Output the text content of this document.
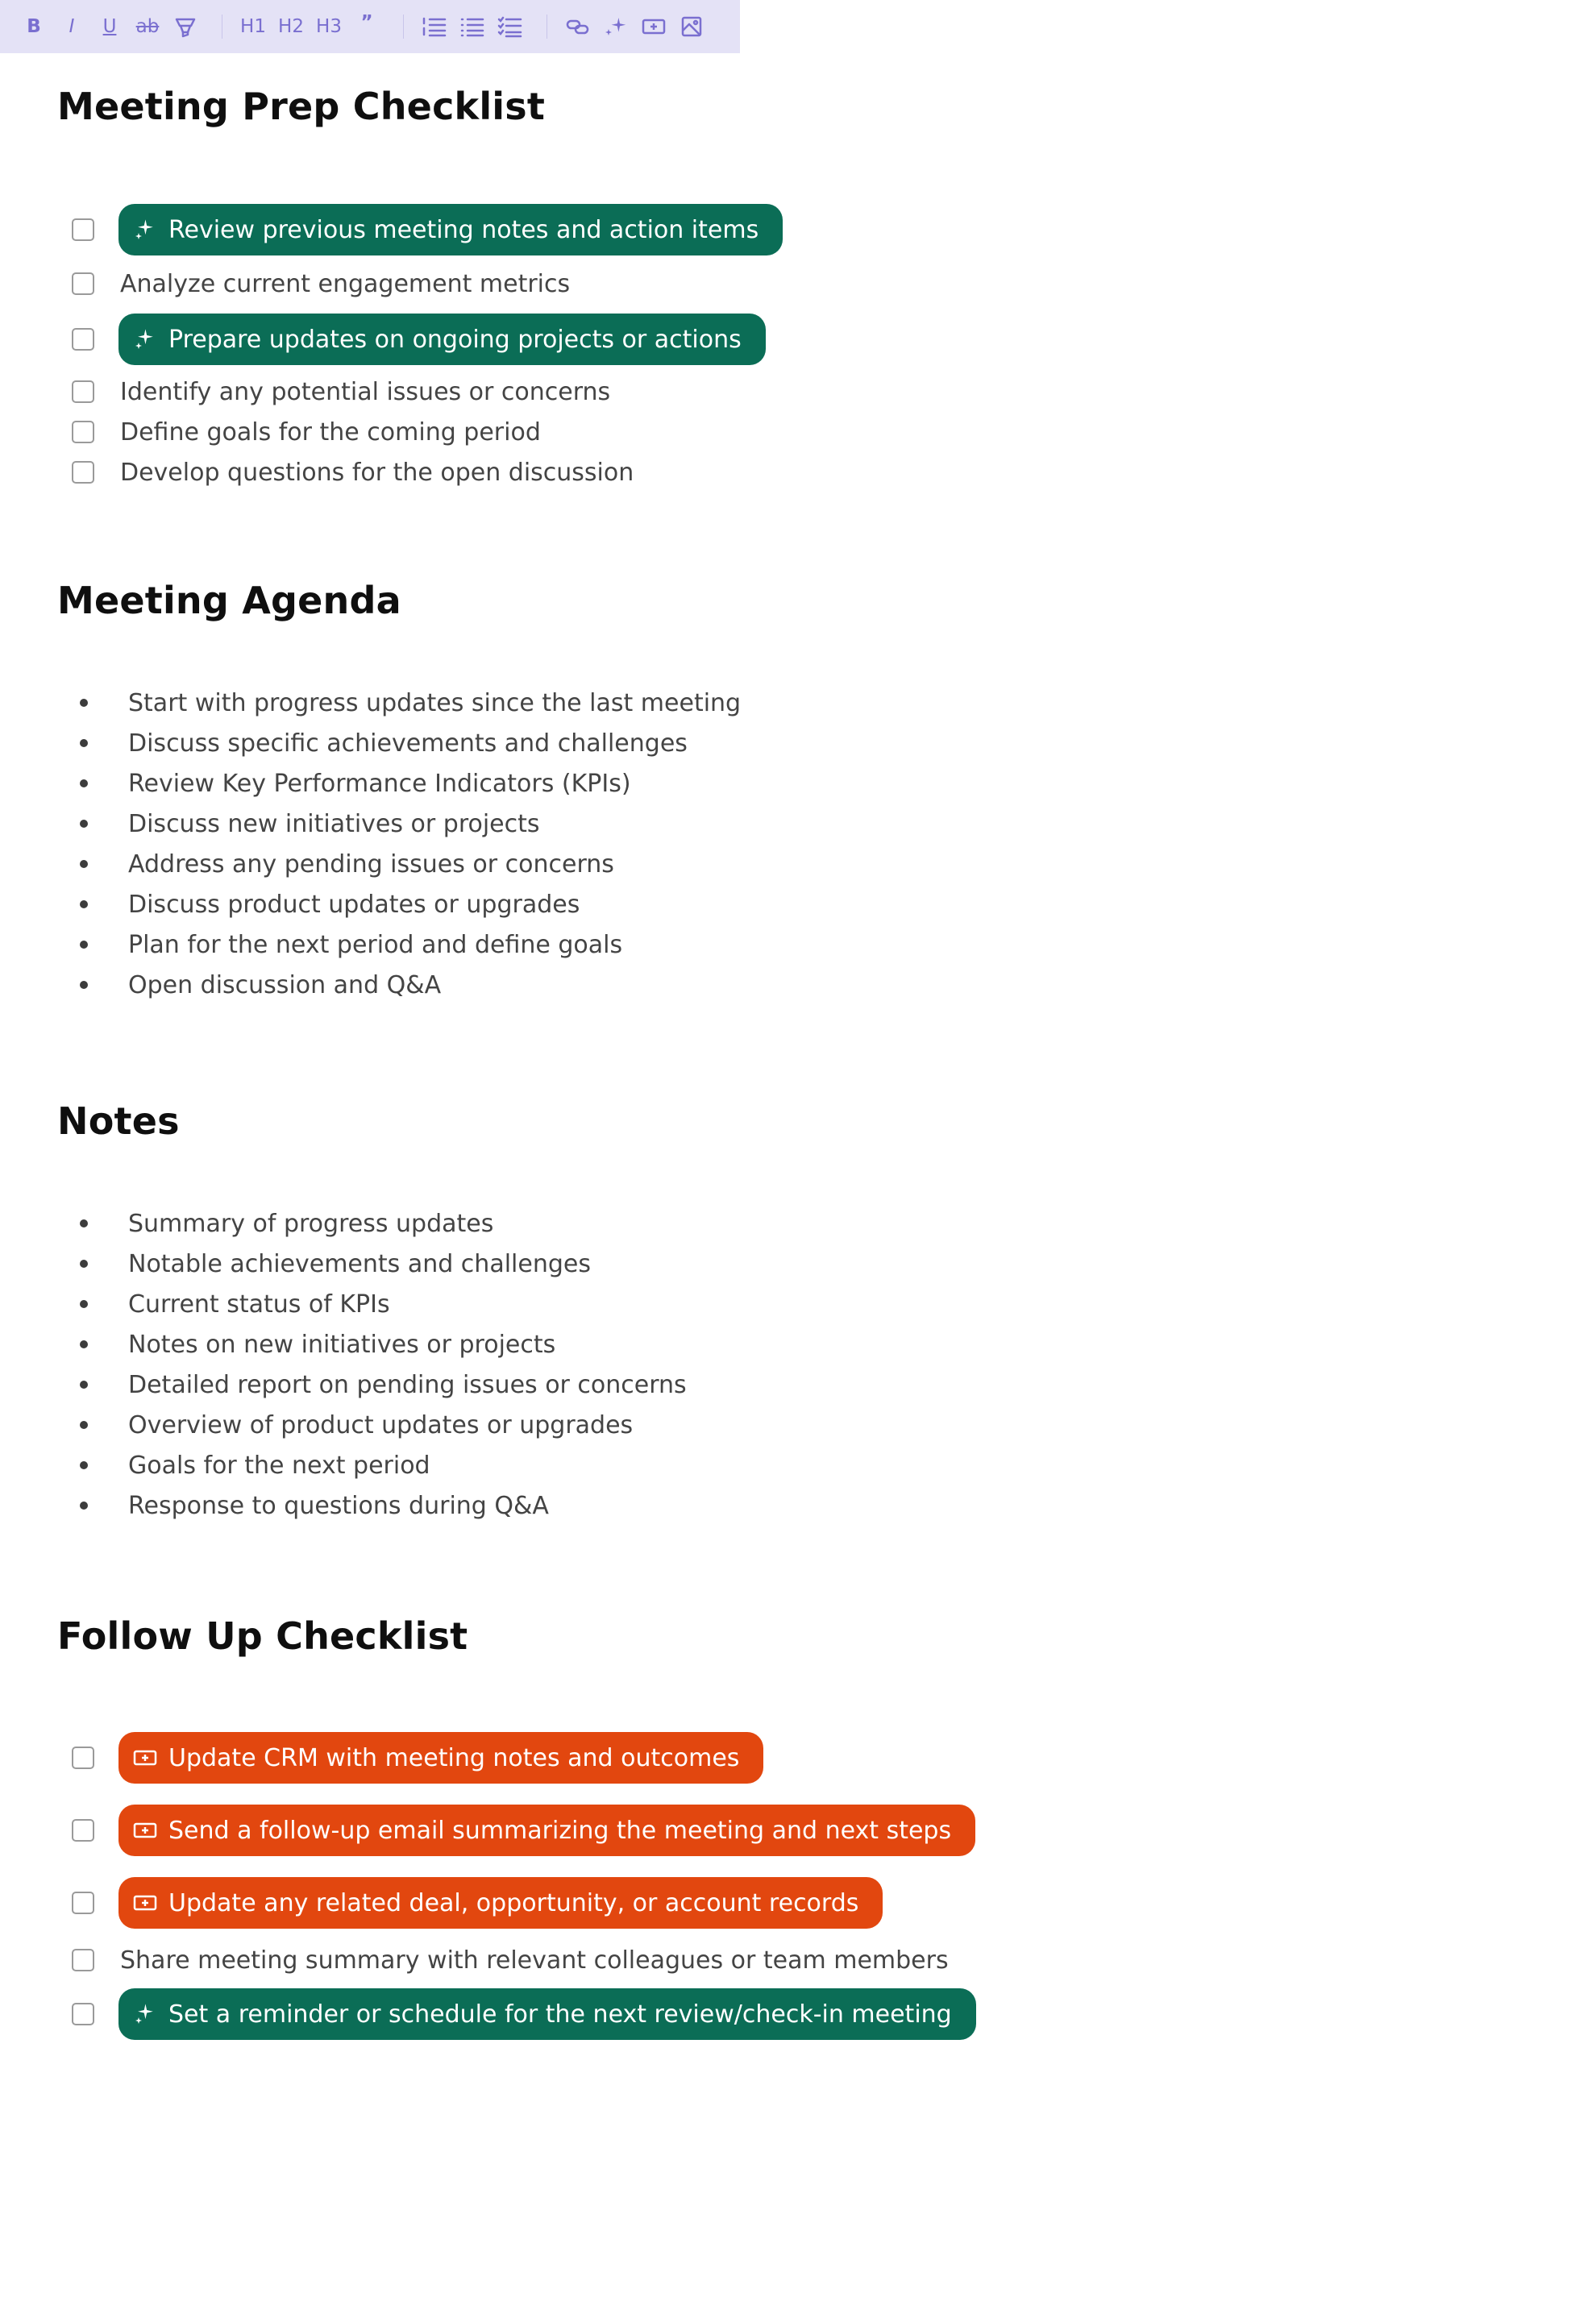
B	I	U	ab	H1 H2 H3	”
Meeting Prep Checklist
Review previous meeting notes and action items
Analyze current engagement metrics
Prepare updates on ongoing projects or actions
Identify any potential issues or concerns
Define goals for the coming period
Develop questions for the open discussion
Meeting Agenda
Start with progress updates since the last meeting
Discuss specific achievements and challenges
Review Key Performance Indicators (KPIs)
Discuss new initiatives or projects
Address any pending issues or concerns
Discuss product updates or upgrades
Plan for the next period and define goals
Open discussion and Q&A
Notes
Summary of progress updates
Notable achievements and challenges
Current status of KPIs
Notes on new initiatives or projects
Detailed report on pending issues or concerns
Overview of product updates or upgrades
Goals for the next period
Response to questions during Q&A
Follow Up Checklist
Update CRM with meeting notes and outcomes
Send a follow-up email summarizing the meeting and next steps
Update any related deal, opportunity, or account records
Share meeting summary with relevant colleagues or team members
Set a reminder or schedule for the next review/check-in meeting
